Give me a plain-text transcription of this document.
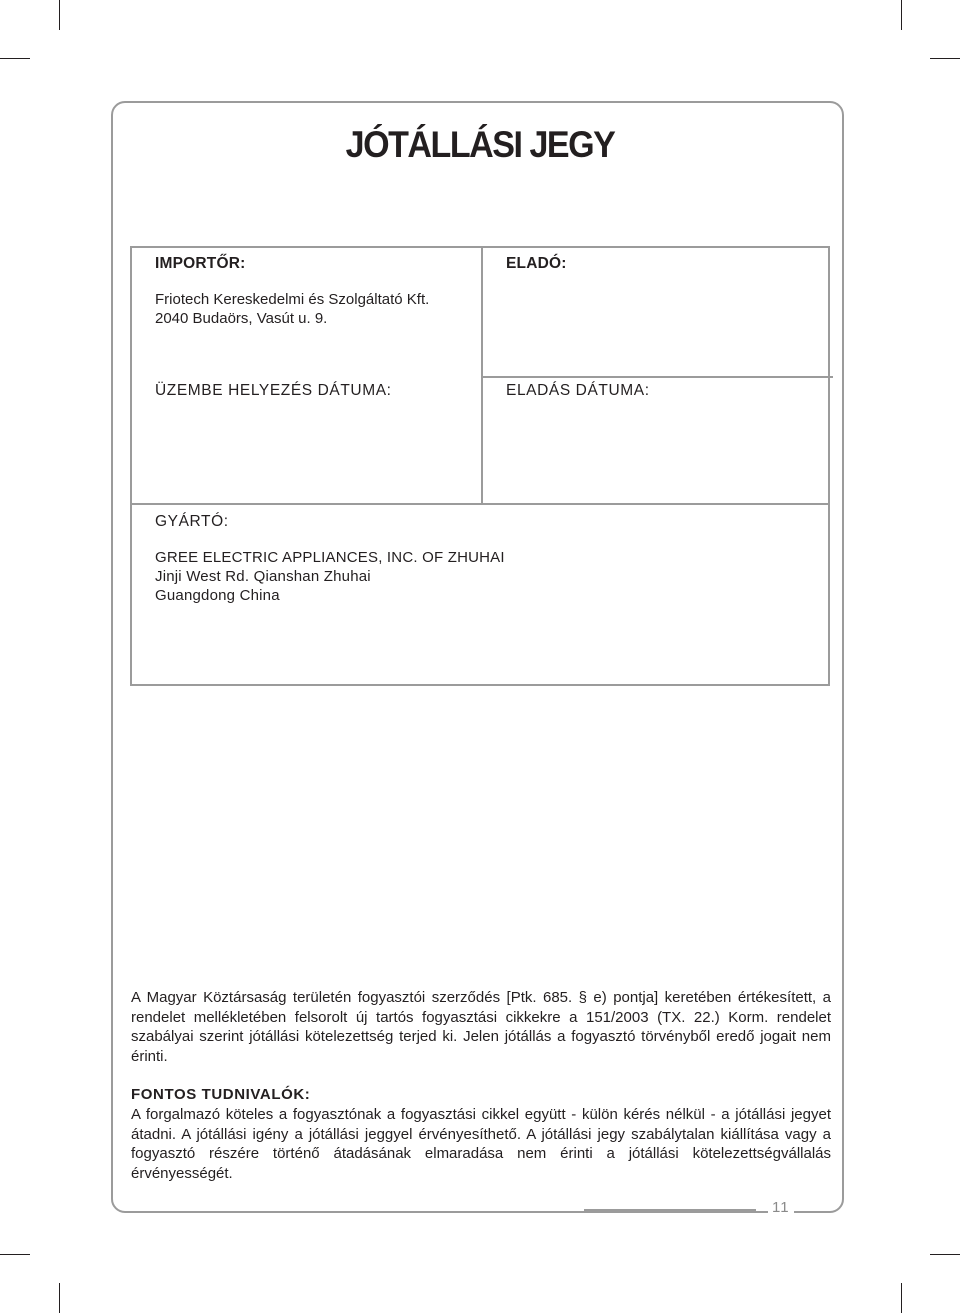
JÓTÁLLÁSI JEGY
IMPORTŐR:
Friotech Kereskedelmi és Szolgáltató Kft.
2040 Budaörs, Vasút u. 9.
ELADÓ:
ÜZEMBE HELYEZÉS DÁTUMA:	ELADÁS DÁTUMA:
GYÁRTÓ:
GREE ELECTRIC APPLIANCES, INC. OF ZHUHAI
Jinji West Rd. Qianshan Zhuhai
Guangdong China
A Magyar Köztársaság területén fogyasztói szerződés [Ptk. 685. § e) pontja] keretében értékesített, a rendelet mellékletében felsorolt új tartós fogyasztási cikkekre a 151/2003 (TX. 22.) Korm. rendelet szabályai szerint jótállási kötelezettség terjed ki. Jelen jótállás a fogyasztó törvényből eredő jogait nem érinti.
FONTOS TUDNIVALÓK:
A forgalmazó köteles a fogyasztónak a fogyasztási cikkel együtt - külön kérés nélkül - a jótállási jegyet átadni. A jótállási igény a jótállási jeggyel érvényesíthető. A jótállási jegy szabálytalan kiállítása vagy a fogyasztó részére történő átadásának elmaradása nem érinti a jótállási kötelezettségvállalás érvényességét.
11
